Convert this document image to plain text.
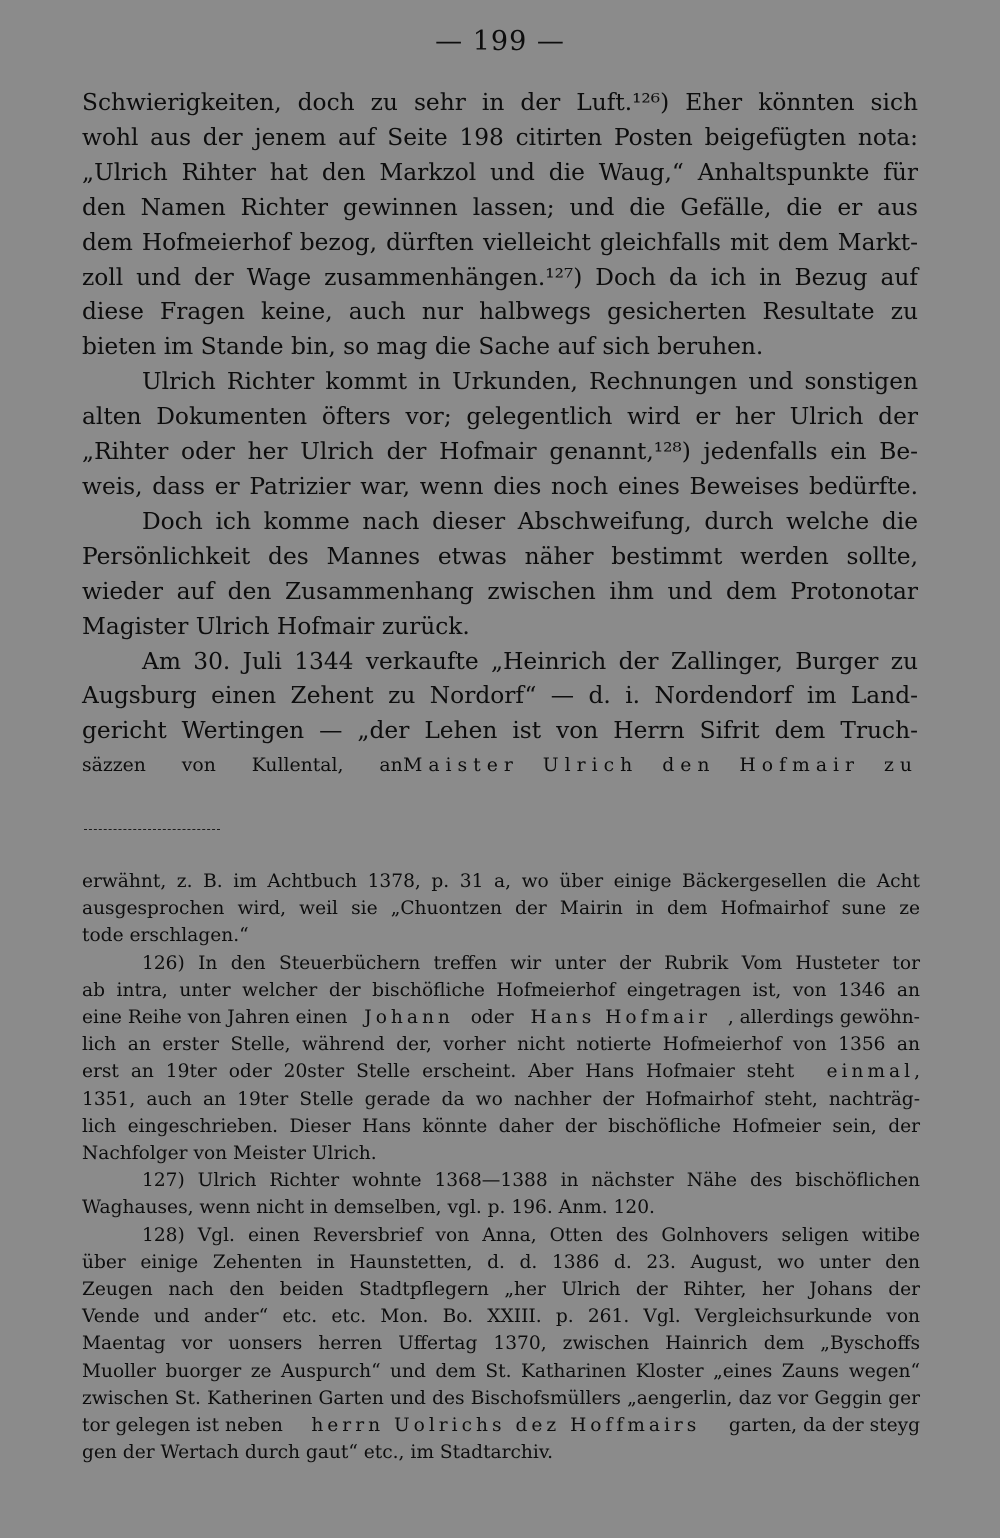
— 199 —
Schwierigkeiten, doch zu sehr in der Luft.¹²⁶) Eher könnten sich
wohl aus der jenem auf Seite 198 citirten Posten beigefügten nota:
„Ulrich Rihter hat den Markzol und die Waug,“ Anhaltspunkte für
den Namen Richter gewinnen lassen; und die Gefälle, die er aus
dem Hofmeierhof bezog, dürften vielleicht gleichfalls mit dem Markt-
zoll und der Wage zusammenhängen.¹²⁷) Doch da ich in Bezug auf
diese Fragen keine, auch nur halbwegs gesicherten Resultate zu
bieten im Stande bin, so mag die Sache auf sich beruhen.
Ulrich Richter kommt in Urkunden, Rechnungen und sonstigen
alten Dokumenten öfters vor; gelegentlich wird er her Ulrich der
„Rihter oder her Ulrich der Hofmair genannt,¹²⁸) jedenfalls ein Be-
weis, dass er Patrizier war, wenn dies noch eines Beweises bedürfte.
Doch ich komme nach dieser Abschweifung, durch welche die
Persönlichkeit des Mannes etwas näher bestimmt werden sollte,
wieder auf den Zusammenhang zwischen ihm und dem Protonotar
Magister Ulrich Hofmair zurück.
Am 30. Juli 1344 verkaufte „Heinrich der Zallinger, Burger zu
Augsburg einen Zehent zu Nordorf“ — d. i. Nordendorf im Land-
gericht Wertingen — „der Lehen ist von Herrn Sifrit dem Truch-
säzzen von Kullental, an Maister Ulrich den Hofmair zu
erwähnt, z. B. im Achtbuch 1378, p. 31 a, wo über einige Bäckergesellen die Acht
ausgesprochen wird, weil sie „Chuontzen der Mairin in dem Hofmairhof sune ze
tode erschlagen.“
126) In den Steuerbüchern treffen wir unter der Rubrik Vom Husteter tor
ab intra, unter welcher der bischöfliche Hofmeierhof eingetragen ist, von 1346 an
eine Reihe von Jahren einen Johann oder Hans Hofmair , allerdings gewöhn-
lich an erster Stelle, während der, vorher nicht notierte Hofmeierhof von 1356 an
erst an 19ter oder 20ster Stelle erscheint. Aber Hans Hofmaier steht einmal,
1351, auch an 19ter Stelle gerade da wo nachher der Hofmairhof steht, nachträg-
lich eingeschrieben. Dieser Hans könnte daher der bischöfliche Hofmeier sein, der
Nachfolger von Meister Ulrich.
127) Ulrich Richter wohnte 1368—1388 in nächster Nähe des bischöflichen
Waghauses, wenn nicht in demselben, vgl. p. 196. Anm. 120.
128) Vgl. einen Reversbrief von Anna, Otten des Golnhovers seligen witibe
über einige Zehenten in Haunstetten, d. d. 1386 d. 23. August, wo unter den
Zeugen nach den beiden Stadtpflegern „her Ulrich der Rihter, her Johans der
Vende und ander“ etc. etc. Mon. Bo. XXIII. p. 261. Vgl. Vergleichsurkunde von
Maentag vor uonsers herren Uffertag 1370, zwischen Hainrich dem „Byschoffs
Muoller buorger ze Auspurch“ und dem St. Katharinen Kloster „eines Zauns wegen“
zwischen St. Katherinen Garten und des Bischofsmüllers „aengerlin, daz vor Geggin ger
tor gelegen ist neben herrn Uolrichs dez Hoffmairs garten, da der steyg
gen der Wertach durch gaut“ etc., im Stadtarchiv.
